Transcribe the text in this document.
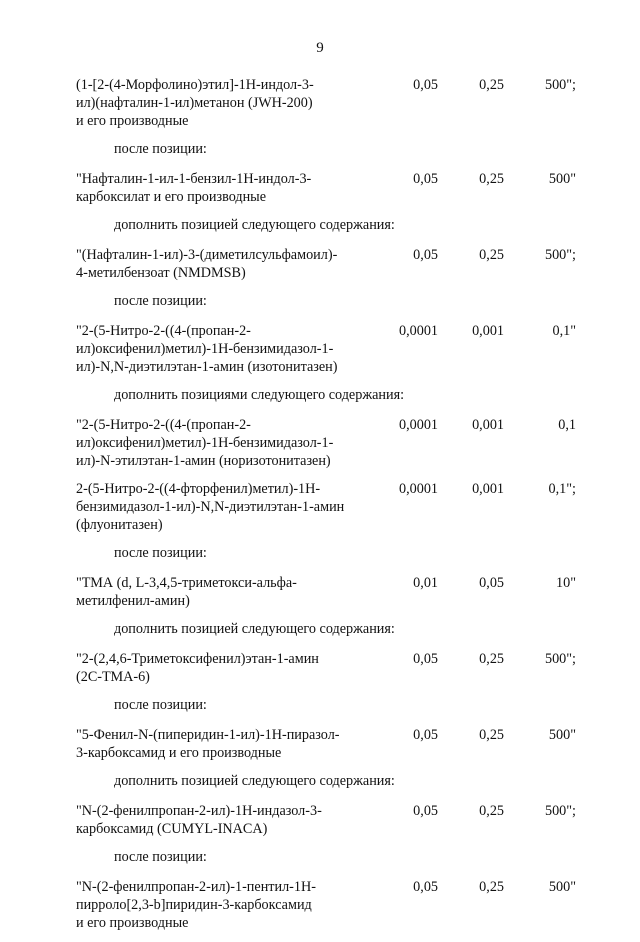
9
(1-[2-(4-Морфолино)этил]-1Н-индол-3-
ил)(нафталин-1-ил)метанон (JWH-200)
и его производные
0,05	0,25	500";
после позиции:
"Нафталин-1-ил-1-бензил-1Н-индол-3-
карбоксилат и его производные
0,05	0,25	500"
дополнить позицией следующего содержания:
"(Нафталин-1-ил)-3-(диметилсульфамоил)-
4-метилбензоат (NMDMSB)
0,05	0,25	500";
после позиции:
"2-(5-Нитро-2-((4-(пропан-2-
ил)оксифенил)метил)-1Н-бензимидазол-1-
ил)-N,N-диэтилэтан-1-амин (изотонитазен)
0,0001	0,001	0,1"
дополнить позициями следующего содержания:
"2-(5-Нитро-2-((4-(пропан-2-
ил)оксифенил)метил)-1Н-бензимидазол-1-
ил)-N-этилэтан-1-амин (норизотонитазен)
0,0001	0,001	0,1
2-(5-Нитро-2-((4-фторфенил)метил)-1Н-
бензимидазол-1-ил)-N,N-диэтилэтан-1-амин
(флуонитазен)
0,0001	0,001	0,1";
после позиции:
"ТМА (d, L-3,4,5-триметокси-альфа-
метилфенил-амин)
0,01	0,05	10"
дополнить позицией следующего содержания:
"2-(2,4,6-Триметоксифенил)этан-1-амин
(2С-ТМА-6)
0,05	0,25	500";
после позиции:
"5-Фенил-N-(пиперидин-1-ил)-1Н-пиразол-
3-карбоксамид и его производные
0,05	0,25	500"
дополнить позицией следующего содержания:
"N-(2-фенилпропан-2-ил)-1Н-индазол-3-
карбоксамид (CUMYL-INACA)
0,05	0,25	500";
после позиции:
"N-(2-фенилпропан-2-ил)-1-пентил-1Н-
пирроло[2,3-b]пиридин-3-карбоксамид
и его производные
0,05	0,25	500"
